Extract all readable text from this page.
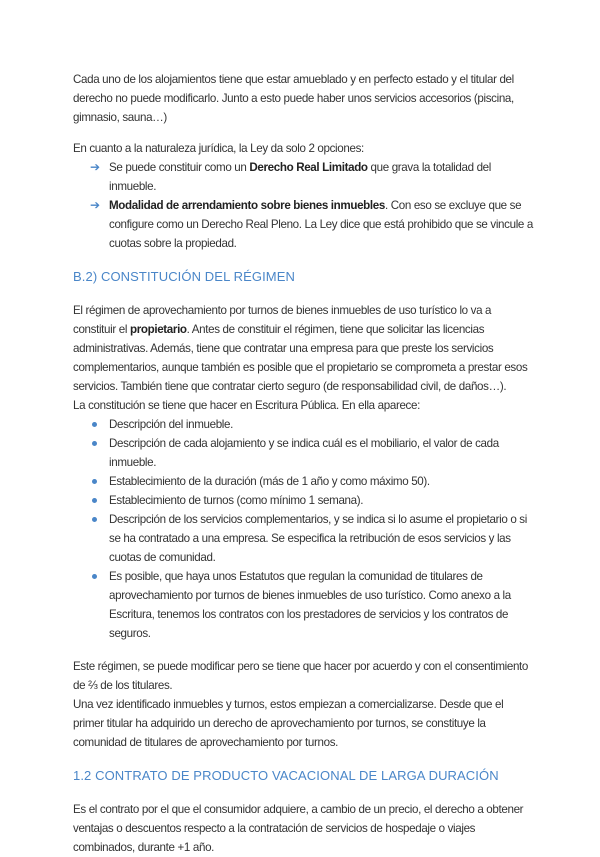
Cada uno de los alojamientos tiene que estar amueblado y en perfecto estado y el titular del derecho no puede modificarlo. Junto a esto puede haber unos servicios accesorios (piscina, gimnasio, sauna…)

En cuanto a la naturaleza jurídica, la Ley da solo 2 opciones:

➔ Se puede constituir como un Derecho Real Limitado que grava la totalidad del inmueble.
➔ Modalidad de arrendamiento sobre bienes inmuebles. Con eso se excluye que se configure como un Derecho Real Pleno. La Ley dice que está prohibido que se vincule a cuotas sobre la propiedad.
B.2) CONSTITUCIÓN DEL RÉGIMEN

El régimen de aprovechamiento por turnos de bienes inmuebles de uso turístico lo va a constituir el propietario. Antes de constituir el régimen, tiene que solicitar las licencias administrativas. Además, tiene que contratar una empresa para que preste los servicios complementarios, aunque también es posible que el propietario se comprometa a prestar esos servicios. También tiene que contratar cierto seguro (de responsabilidad civil, de daños…).

La constitución se tiene que hacer en Escritura Pública. En ella aparece:

Descripción del inmueble.
Descripción de cada alojamiento y se indica cuál es el mobiliario, el valor de cada inmueble.
Establecimiento de la duración (más de 1 año y como máximo 50).
Establecimiento de turnos (como mínimo 1 semana).
Descripción de los servicios complementarios, y se indica si lo asume el propietario o si se ha contratado a una empresa. Se especifica la retribución de esos servicios y las cuotas de comunidad.
Es posible, que haya unos Estatutos que regulan la comunidad de titulares de aprovechamiento por turnos de bienes inmuebles de uso turístico. Como anexo a la Escritura, tenemos los contratos con los prestadores de servicios y los contratos de seguros.

Este régimen, se puede modificar pero se tiene que hacer por acuerdo y con el consentimiento de ⅔ de los titulares.

Una vez identificado inmuebles y turnos, estos empiezan a comercializarse. Desde que el primer titular ha adquirido un derecho de aprovechamiento por turnos, se constituye la comunidad de titulares de aprovechamiento por turnos.

1.2 CONTRATO DE PRODUCTO VACACIONAL DE LARGA DURACIÓN

Es el contrato por el que el consumidor adquiere, a cambio de un precio, el derecho a obtener ventajas o descuentos respecto a la contratación de servicios de hospedaje o viajes combinados, durante +1 año.
